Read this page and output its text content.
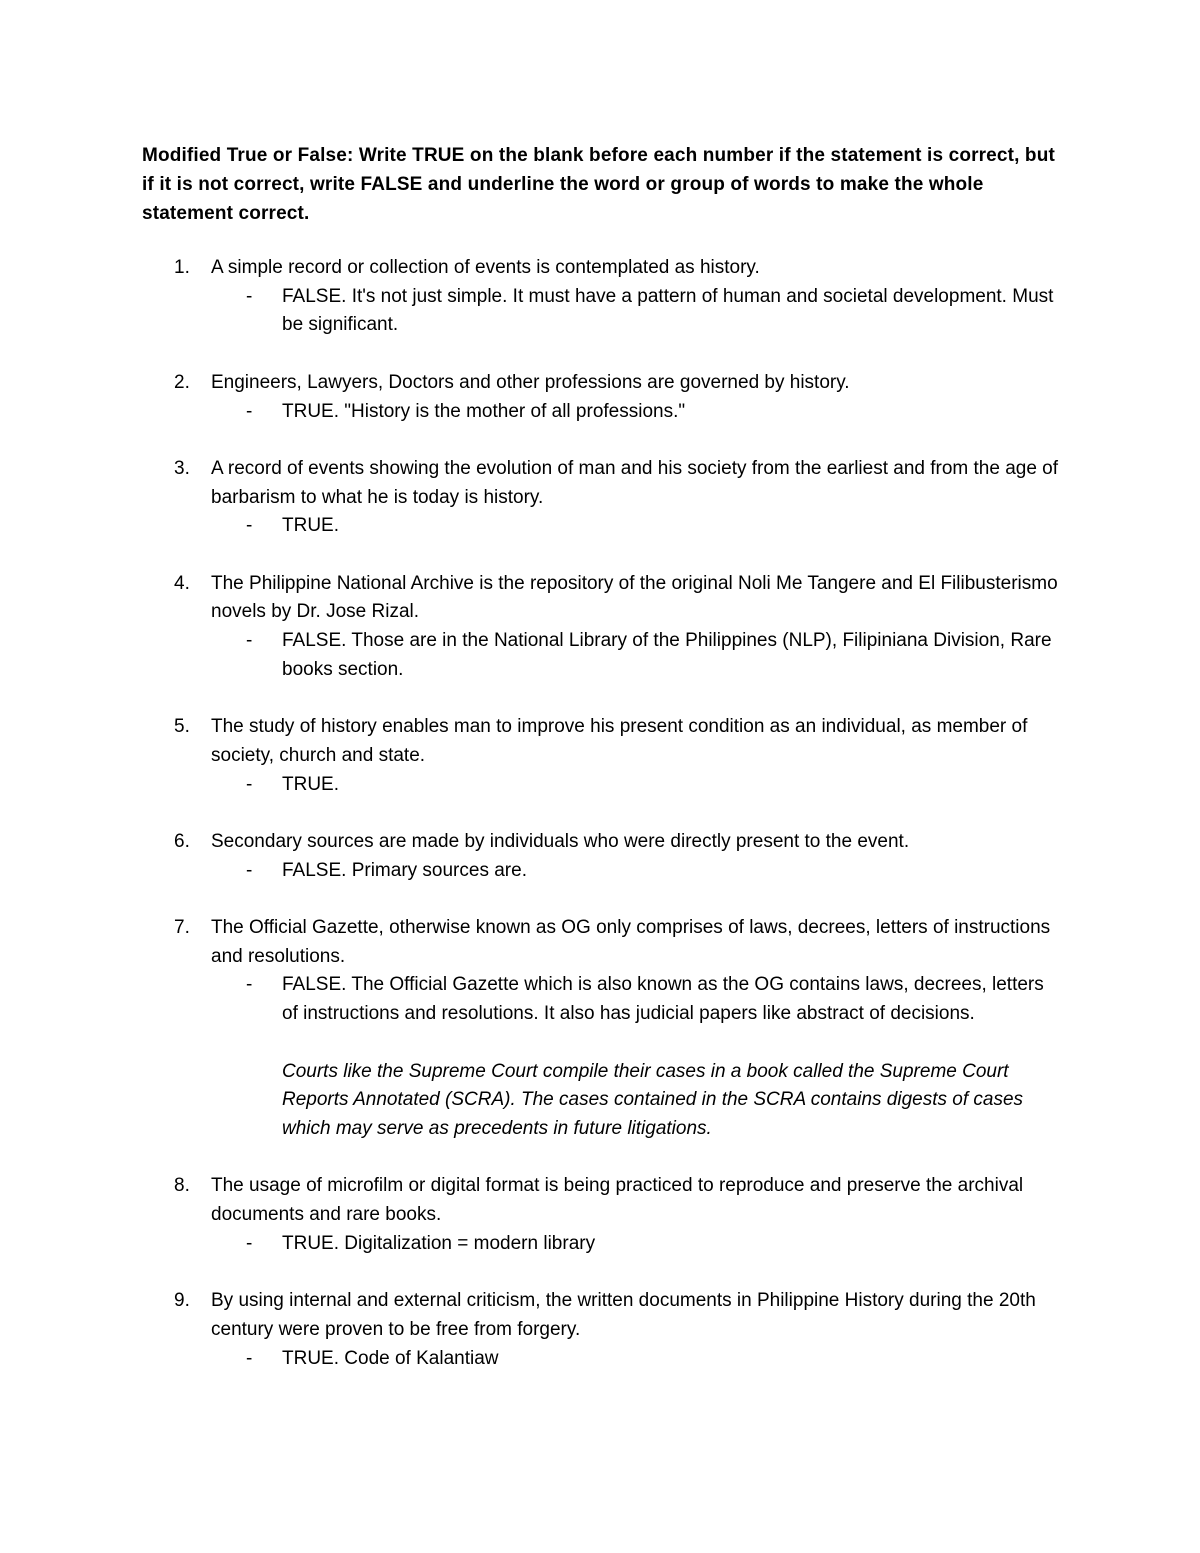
Modified True or False: Write TRUE on the blank before each number if the statement is correct, but if it is not correct, write FALSE and underline the word or group of words to make the whole statement correct.
1.	A simple record or collection of events is contemplated as history.
- FALSE. It's not just simple. It must have a pattern of human and societal development. Must be significant.
2.	Engineers, Lawyers, Doctors and other professions are governed by history.
- TRUE. "History is the mother of all professions."
3.	A record of events showing the evolution of man and his society from the earliest and from the age of barbarism to what he is today is history.
- TRUE.
4.	The Philippine National Archive is the repository of the original Noli Me Tangere and El Filibusterismo novels by Dr. Jose Rizal.
- FALSE. Those are in the National Library of the Philippines (NLP), Filipiniana Division, Rare books section.
5.	The study of history enables man to improve his present condition as an individual, as member of society, church and state.
- TRUE.
6.	Secondary sources are made by individuals who were directly present to the event.
- FALSE. Primary sources are.
7.	The Official Gazette, otherwise known as OG only comprises of laws, decrees, letters of instructions and resolutions.
- FALSE. The Official Gazette which is also known as the OG contains laws, decrees, letters of instructions and resolutions. It also has judicial papers like abstract of decisions.
Courts like the Supreme Court compile their cases in a book called the Supreme Court Reports Annotated (SCRA). The cases contained in the SCRA contains digests of cases which may serve as precedents in future litigations.
8.	The usage of microfilm or digital format is being practiced to reproduce and preserve the archival documents and rare books.
- TRUE. Digitalization = modern library
9.	By using internal and external criticism, the written documents in Philippine History during the 20th century were proven to be free from forgery.
- TRUE. Code of Kalantiaw
